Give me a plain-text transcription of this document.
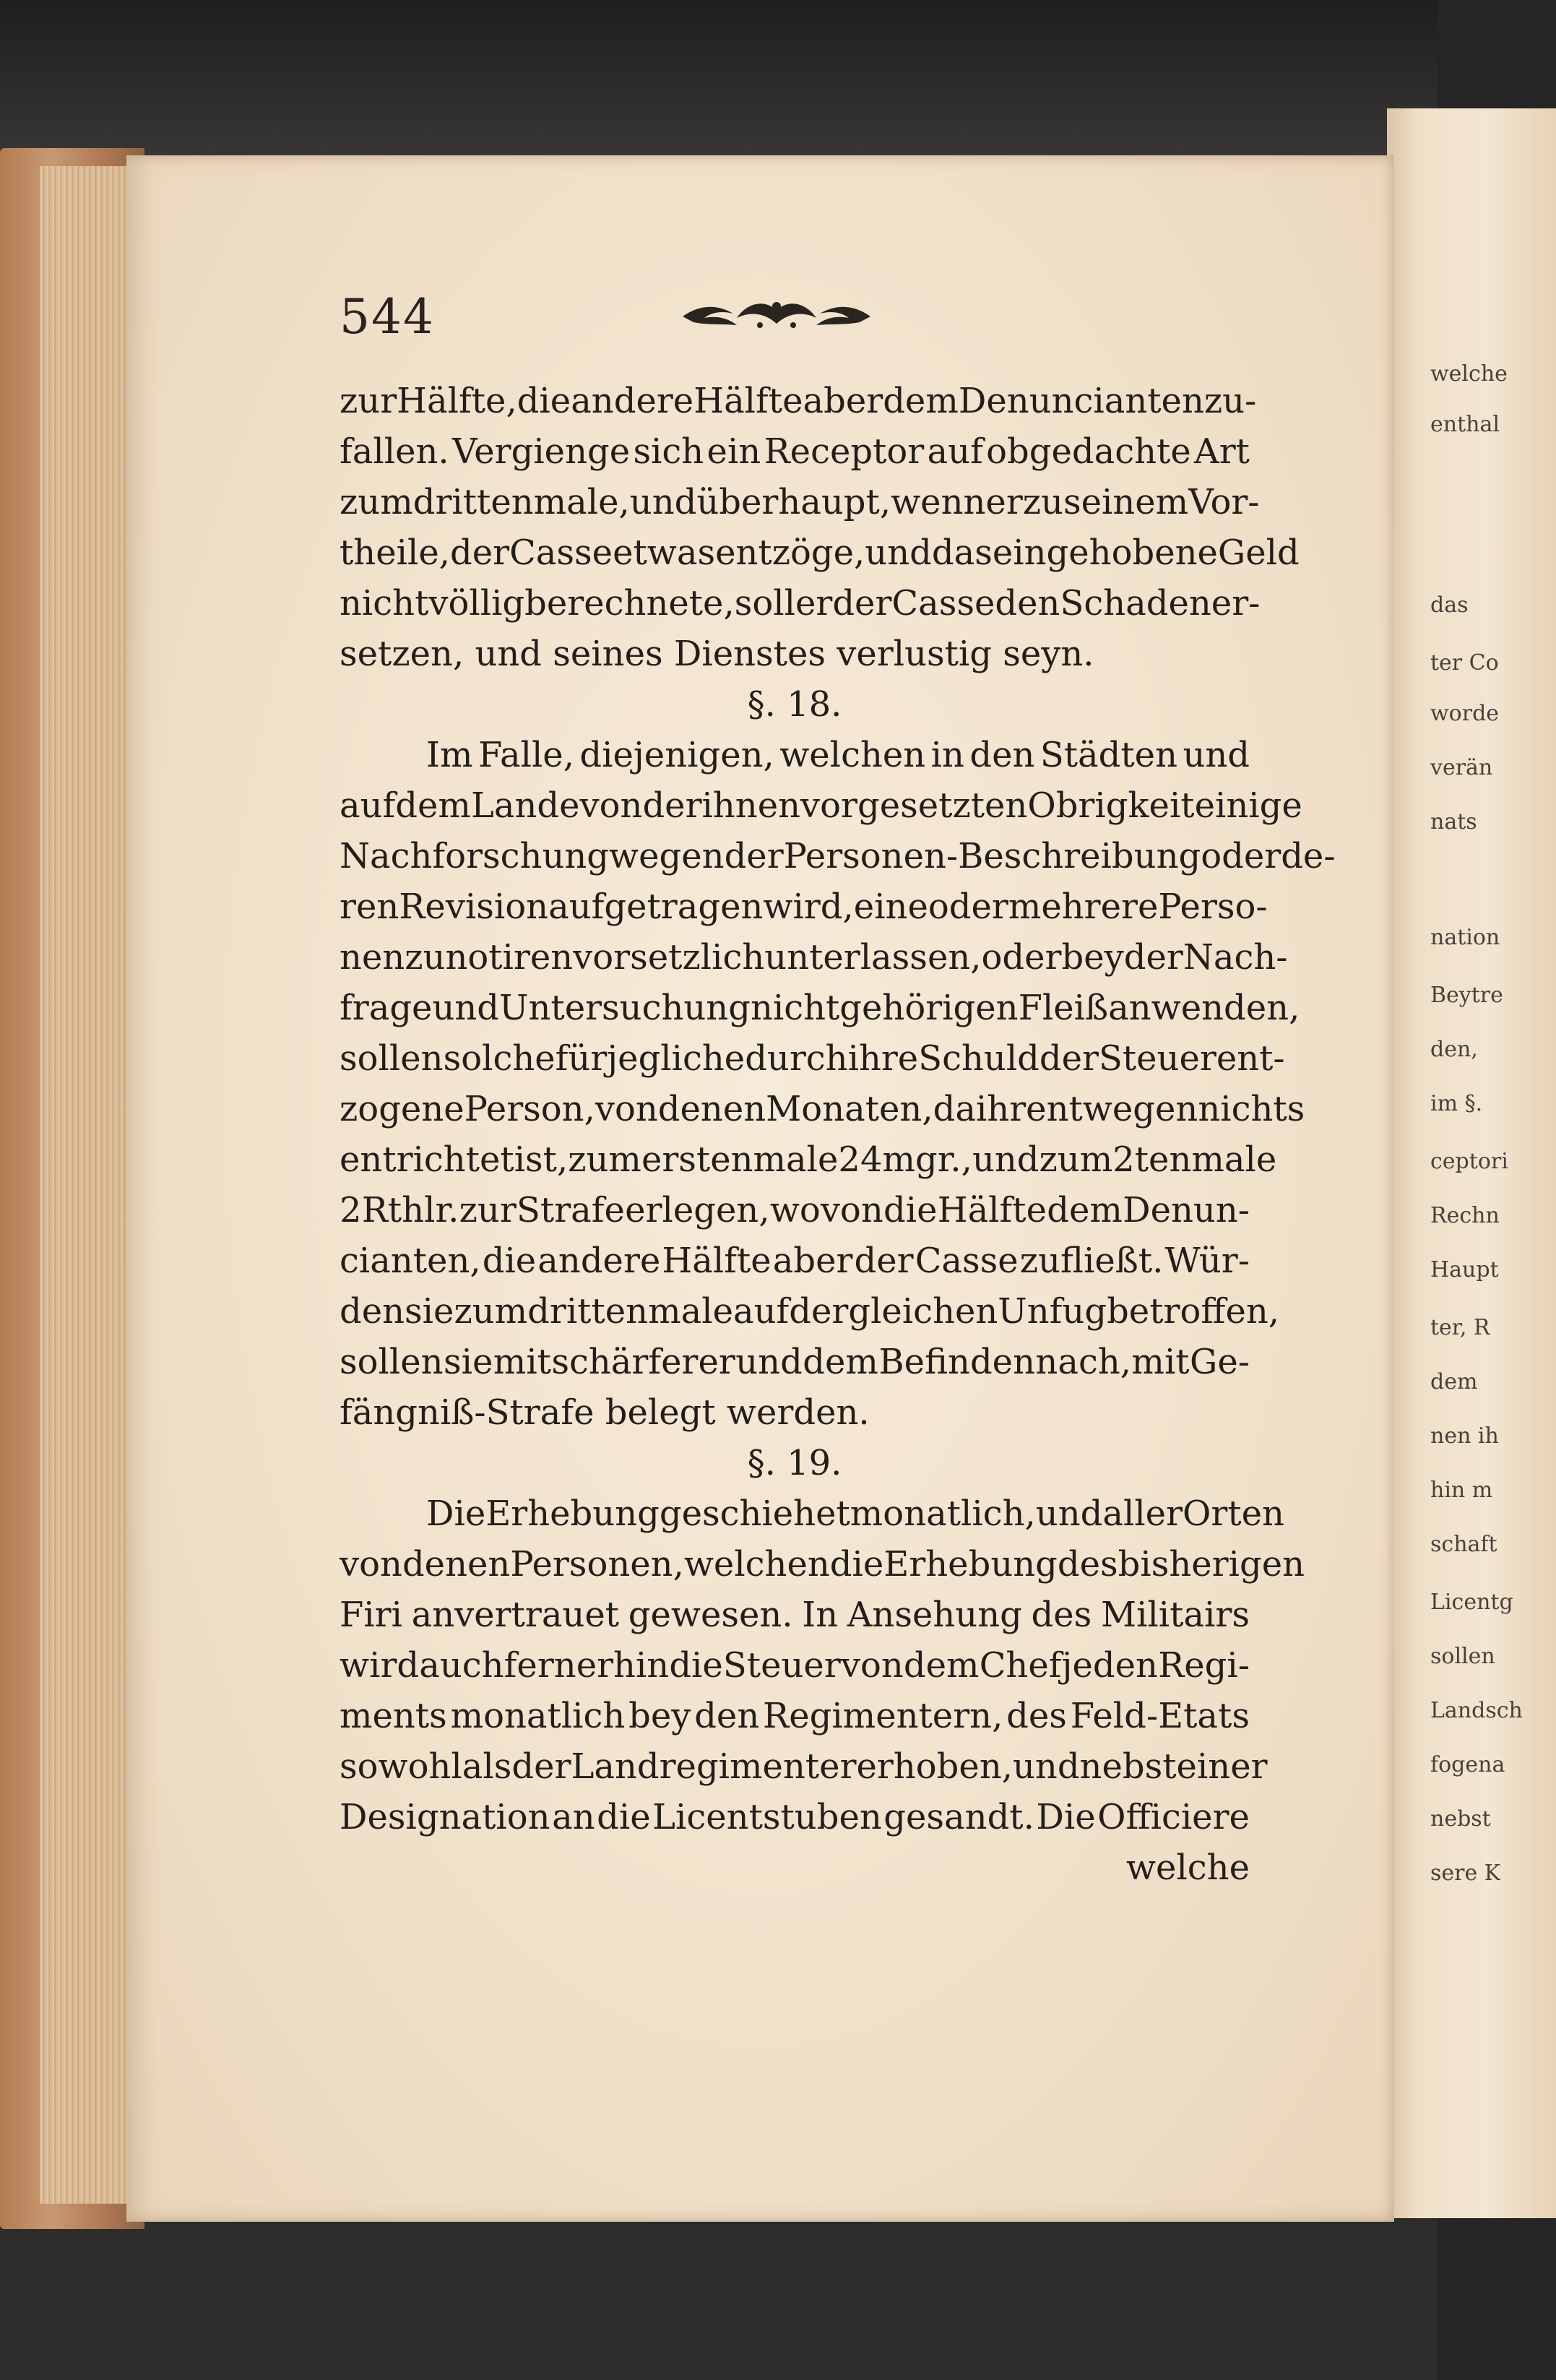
544
zur Hälfte, die andere Hälfte aber dem Denuncianten zu-
fallen. Vergienge sich ein Receptor auf obgedachte Art
zum drittenmale, und überhaupt, wenn er zu seinem Vor-
theile, der Casse etwas entzöge, und das eingehobene Geld
nicht völlig berechnete, soll er der Casse den Schaden er-
setzen, und seines Dienstes verlustig seyn.
§. 18.
Im Falle, diejenigen, welchen in den Städten und
auf dem Lande von der ihnen vorgesetzten Obrigkeit einige
Nachforschung wegen der Personen-Beschreibung oder de-
ren Revision aufgetragen wird, eine oder mehrere Perso-
nen zu notiren vorsetzlich unterlassen, oder bey der Nach-
frage und Untersuchung nicht gehörigen Fleiß anwenden,
sollen solche für jegliche durch ihre Schuld der Steuer ent-
zogene Person, von denen Monaten, da ihrentwegen nichts
entrichtet ist, zum erstenmale 24 mgr., und zum 2tenmale
2 Rthlr. zur Strafe erlegen, wovon die Hälfte dem Denun-
cianten, die andere Hälfte aber der Casse zufließt. Wür-
den sie zum drittenmale auf dergleichen Unfug betroffen,
sollen sie mit schärferer und dem Befinden nach, mit Ge-
fängniß-Strafe belegt werden.
§. 19.
Die Erhebung geschiehet monatlich, und aller Orten
von denen Personen, welchen die Erhebung des bisherigen
Firi anvertrauet gewesen. In Ansehung des Militairs
wird auch fernerhin die Steuer von dem Chef jeden Regi-
ments monatlich bey den Regimentern, des Feld-Etats
sowohl als der Landregimenter erhoben, und nebst einer
Designation an die Licentstuben gesandt. Die Officiere
welche
welche
enthal
das
ter Co
worde
verän
nats
nation
Beytre
den,
im §.
ceptori
Rechn
Haupt
ter, R
dem
nen ih
hin m
schaft
Licentg
sollen
Landsch
fogena
nebst
sere K
